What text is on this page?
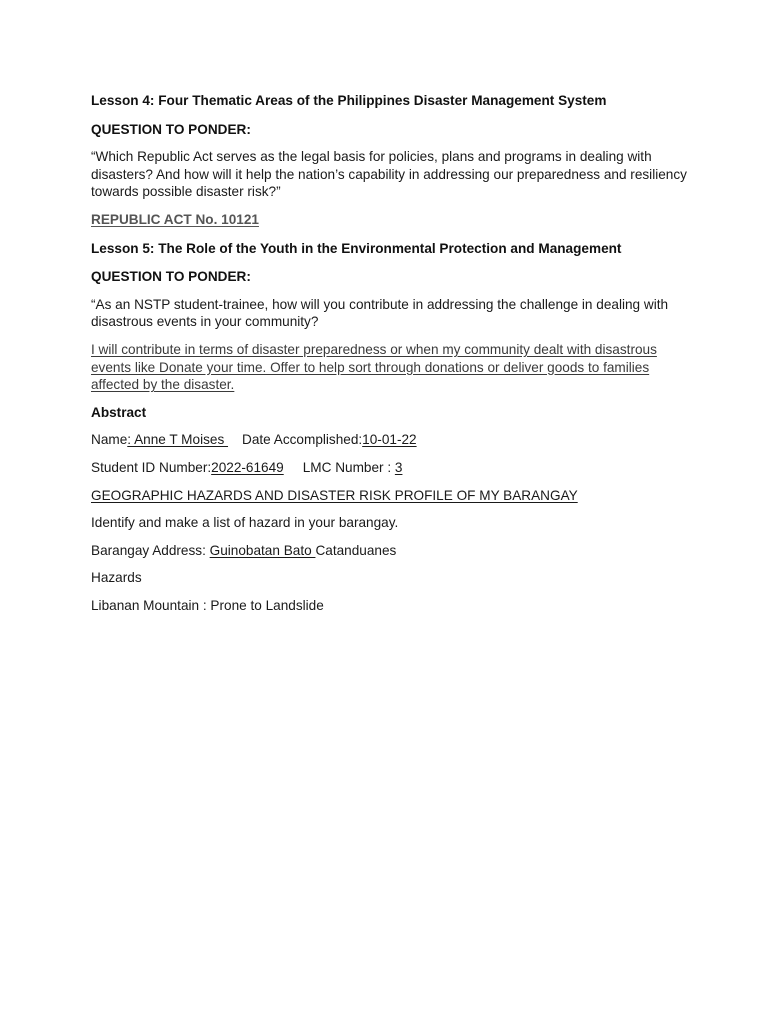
Lesson 4: Four Thematic Areas of the Philippines Disaster Management System

QUESTION TO PONDER:

“Which Republic Act serves as the legal basis for policies, plans and programs in dealing with disasters? And how will it help the nation’s capability in addressing our preparedness and resiliency towards possible disaster risk?”

REPUBLIC ACT No. 10121

Lesson 5: The Role of the Youth in the Environmental Protection and Management

QUESTION TO PONDER:

“As an NSTP student-trainee, how will you contribute in addressing the challenge in dealing with disastrous events in your community?

I will contribute in terms of disaster preparedness or when my community dealt with disastrous events like Donate your time. Offer to help sort through donations or deliver goods to families affected by the disaster.

Abstract

Name: Anne T Moises Date Accomplished:10-01-22

Student ID Number:2022-61649 LMC Number : 3

GEOGRAPHIC HAZARDS AND DISASTER RISK PROFILE OF MY BARANGAY

Identify and make a list of hazard in your barangay.

Barangay Address: Guinobatan Bato Catanduanes

Hazards

Libanan Mountain : Prone to Landslide
